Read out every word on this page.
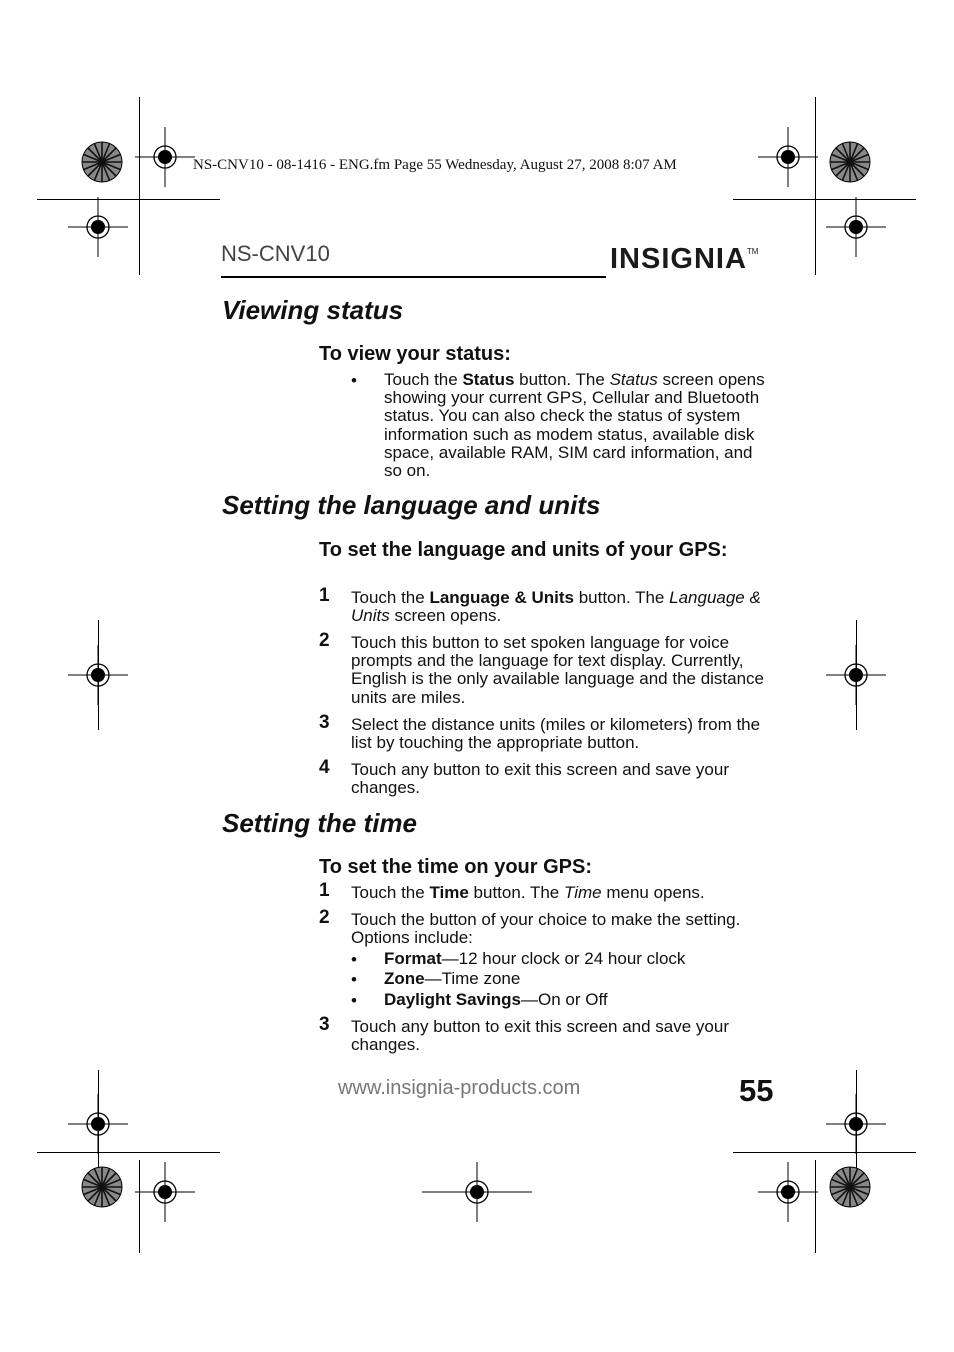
NS-CNV10 - 08-1416 - ENG.fm Page 55 Wednesday, August 27, 2008 8:07 AM
NS-CNV10	INSIGNIA™
Viewing status
To view your status:
• Touch the Status button. The Status screen opens showing your current GPS, Cellular and Bluetooth status. You can also check the status of system information such as modem status, available disk space, available RAM, SIM card information, and so on.
Setting the language and units
To set the language and units of your GPS:
1 Touch the Language & Units button. The Language & Units screen opens.
2 Touch this button to set spoken language for voice prompts and the language for text display. Currently, English is the only available language and the distance units are miles.
3 Select the distance units (miles or kilometers) from the list by touching the appropriate button.
4 Touch any button to exit this screen and save your changes.
Setting the time
To set the time on your GPS:
1 Touch the Time button. The Time menu opens.
2 Touch the button of your choice to make the setting. Options include:
• Format—12 hour clock or 24 hour clock
• Zone—Time zone
• Daylight Savings—On or Off
3 Touch any button to exit this screen and save your changes.
www.insignia-products.com	55
